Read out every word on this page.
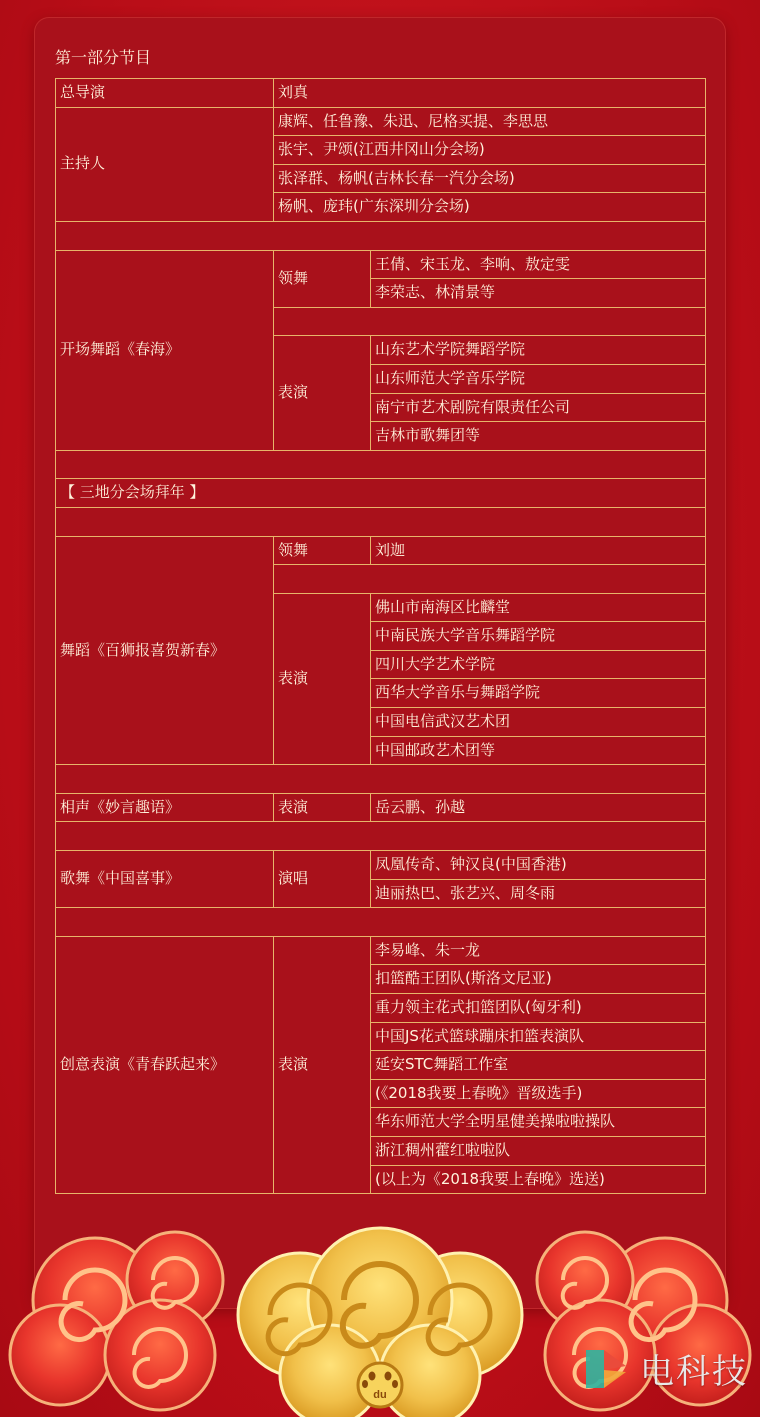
第一部分节目
总导演	刘真	
主持人	康辉、任鲁豫、朱迅、尼格买提、李思思	
	张宇、尹颂(江西井冈山分会场)	
	张泽群、杨帆(吉林长春一汽分会场)	
	杨帆、庞玮(广东深圳分会场)	

开场舞蹈《春海》	领舞	王倩、宋玉龙、李响、敖定雯
		李荣志、林清景等

	表演	山东艺术学院舞蹈学院
		山东师范大学音乐学院
		南宁市艺术剧院有限责任公司
		吉林市歌舞团等

【 三地分会场拜年 】		

舞蹈《百狮报喜贺新春》	领舞	刘迦

	表演	佛山市南海区比麟堂
		中南民族大学音乐舞蹈学院
		四川大学艺术学院
		西华大学音乐与舞蹈学院
		中国电信武汉艺术团
		中国邮政艺术团等

相声《妙言趣语》	表演	岳云鹏、孙越

歌舞《中国喜事》	演唱	凤凰传奇、钟汉良(中国香港)
		迪丽热巴、张艺兴、周冬雨

创意表演《青春跃起来》	表演	李易峰、朱一龙
		扣篮酷王团队(斯洛文尼亚)
		重力领主花式扣篮团队(匈牙利)
		中国JS花式篮球蹦床扣篮表演队
		延安STC舞蹈工作室
		(《2018我要上春晚》晋级选手)
		华东师范大学全明星健美操啦啦操队
		浙江稠州藿红啦啦队
		(以上为《2018我要上春晚》选送)
du
电科技
